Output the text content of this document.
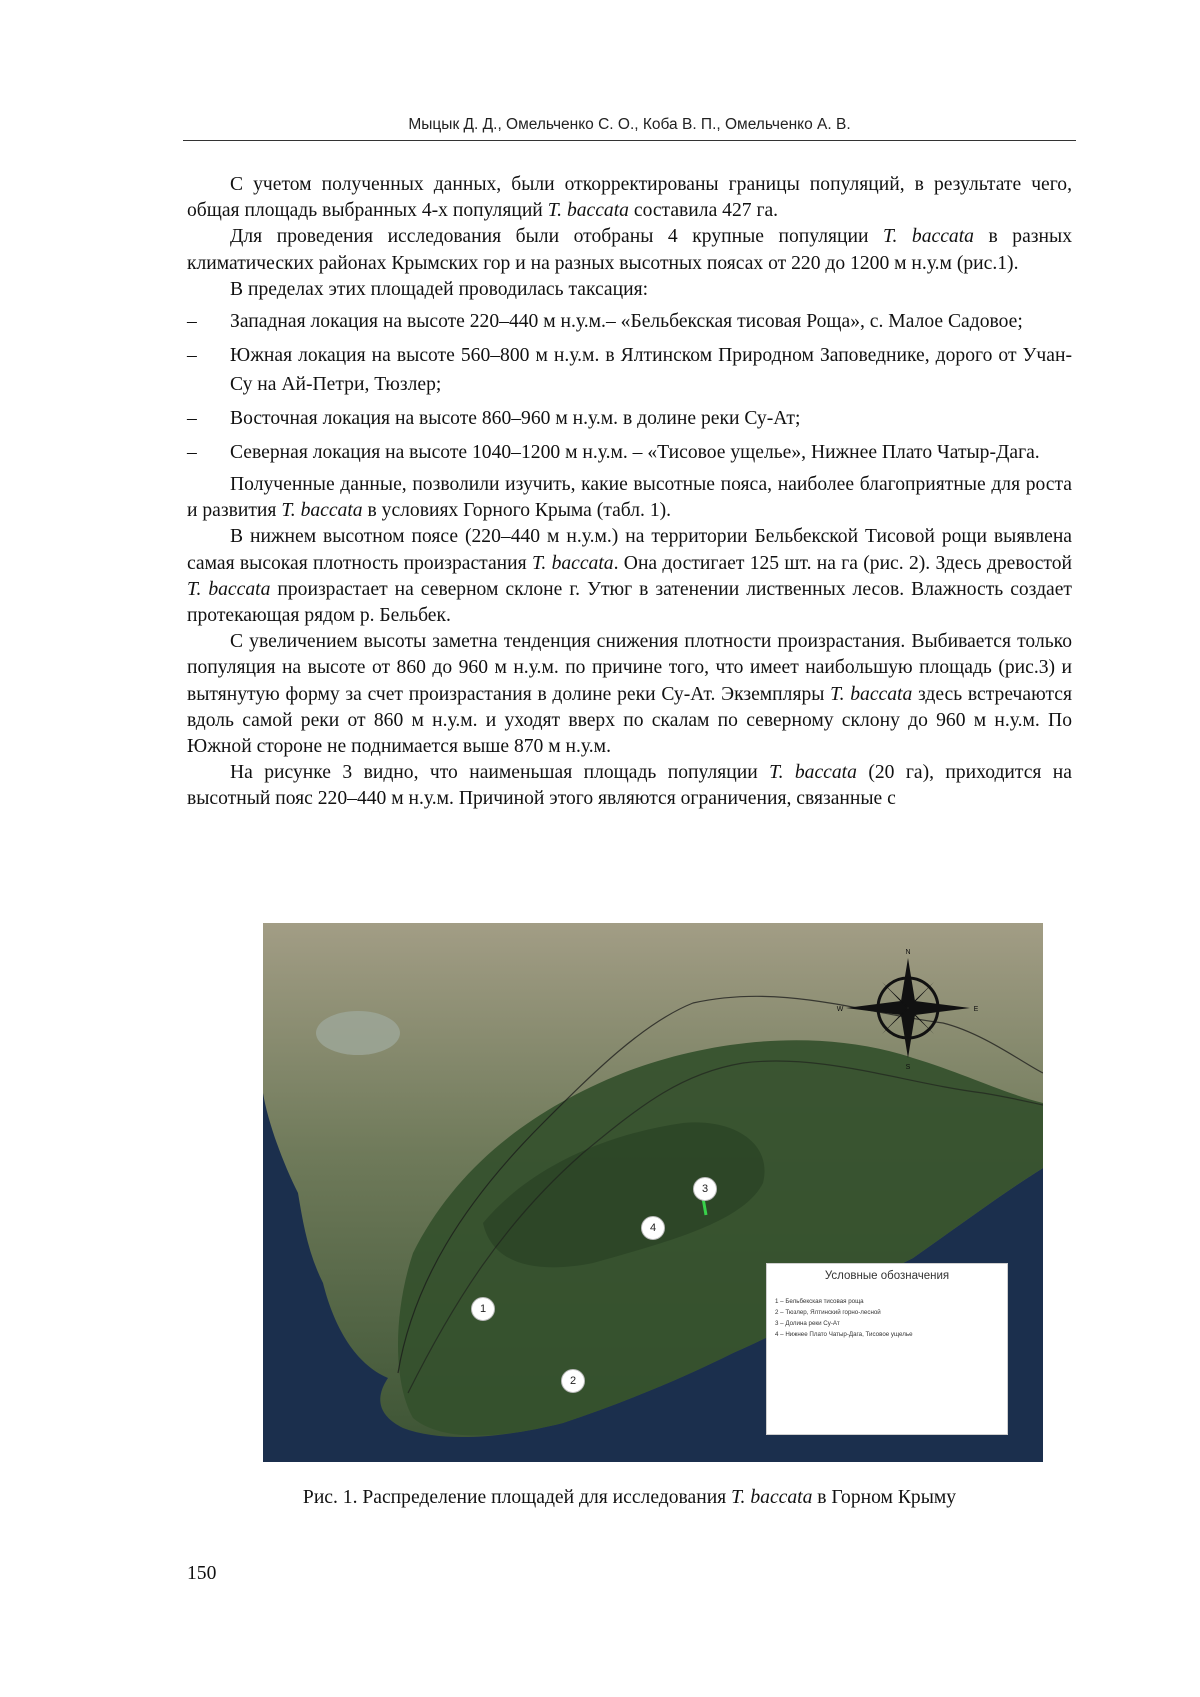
Мыцык Д. Д., Омельченко С. О., Коба В. П., Омельченко А. В.

С учетом полученных данных, были откорректированы границы популяций, в результате чего, общая площадь выбранных 4-х популяций T. baccata составила 427 га.

Для проведения исследования были отобраны 4 крупные популяции T. baccata в разных климатических районах Крымских гор и на разных высотных поясах от 220 до 1200 м н.у.м (рис.1).

В пределах этих площадей проводилась таксация:

– Западная локация на высоте 220–440 м н.у.м.– «Бельбекская тисовая Роща», с. Малое Садовое;
– Южная локация на высоте 560–800 м н.у.м. в Ялтинском Природном Заповеднике, дорого от Учан-Су на Ай-Петри, Тюзлер;
– Восточная локация на высоте 860–960 м н.у.м. в долине реки Су-Ат;
– Северная локация на высоте 1040–1200 м н.у.м. – «Тисовое ущелье», Нижнее Плато Чатыр-Дага.

Полученные данные, позволили изучить, какие высотные пояса, наиболее благоприятные для роста и развития T. baccata в условиях Горного Крыма (табл. 1).

В нижнем высотном поясе (220–440 м н.у.м.) на территории Бельбекской Тисовой рощи выявлена самая высокая плотность произрастания T. baccata. Она достигает 125 шт. на га (рис. 2). Здесь древостой T. baccata произрастает на северном склоне г. Утюг в затенении лиственных лесов. Влажность создает протекающая рядом р. Бельбек.

С увеличением высоты заметна тенденция снижения плотности произрастания. Выбивается только популяция на высоте от 860 до 960 м н.у.м. по причине того, что имеет наибольшую площадь (рис.3) и вытянутую форму за счет произрастания в долине реки Су-Ат. Экземпляры T. baccata здесь встречаются вдоль самой реки от 860 м н.у.м. и уходят вверх по скалам по северному склону до 960 м н.у.м. По Южной стороне не поднимается выше 870 м н.у.м.

На рисунке 3 видно, что наименьшая площадь популяции T. baccata (20 га), приходится на высотный пояс 220–440 м н.у.м. Причиной этого являются ограничения, связанные с

N
S
W	E
1
2
3
4
Условные обозначения
1 – Бельбекская тисовая роща
2 – Тюзлер, Ялтинский горно-лесной
3 – Долина реки Су-Ат
4 – Нижнее Плато Чатыр-Дага, Тисовое ущелье
Рис. 1. Распределение площадей для исследования T. baccata в Горном Крыму
150
